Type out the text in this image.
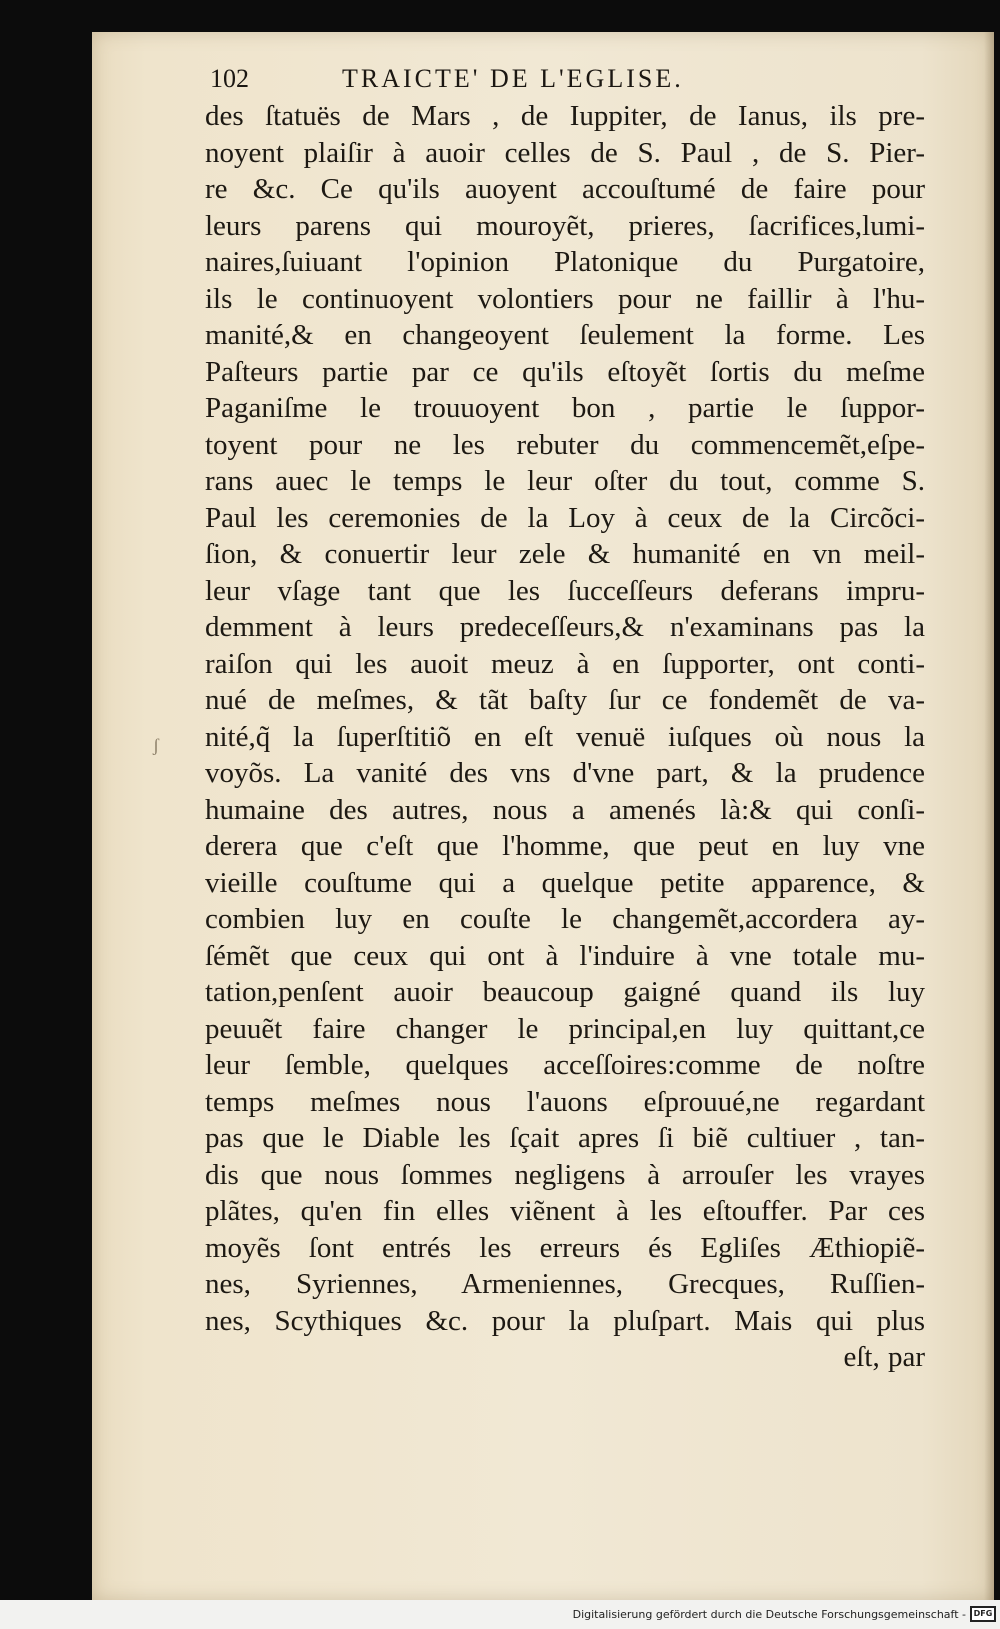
102	TRAICTE' DE L'EGLISE.
ʃ
des ſtatuës de Mars , de Iuppiter, de Ianus, ils pre-
noyent plaiſir à auoir celles de S. Paul , de S. Pier-
re &c. Ce qu'ils auoyent accouſtumé de faire pour
leurs parens qui mouroyẽt, prieres, ſacrifices,lumi-
naires,ſuiuant l'opinion Platonique du Purgatoire,
ils le continuoyent volontiers pour ne faillir à l'hu-
manité,& en changeoyent ſeulement la forme. Les
Paſteurs partie par ce qu'ils eſtoyẽt ſortis du meſme
Paganiſme le trouuoyent bon , partie le ſuppor-
toyent pour ne les rebuter du commencemẽt,eſpe-
rans auec le temps le leur oſter du tout, comme S.
Paul les ceremonies de la Loy à ceux de la Circõci-
ſion, & conuertir leur zele & humanité en vn meil-
leur vſage tant que les ſucceſſeurs deferans impru-
demment à leurs predeceſſeurs,& n'examinans pas la
raiſon qui les auoit meuz à en ſupporter, ont conti-
nué de meſmes, & tãt baſty ſur ce fondemẽt de va-
nité,q̃ la ſuperſtitiõ en eſt venuë iuſques où nous la
voyõs. La vanité des vns d'vne part, & la prudence
humaine des autres, nous a amenés là:& qui conſi-
derera que c'eſt que l'homme, que peut en luy vne
vieille couſtume qui a quelque petite apparence, &
combien luy en couſte le changemẽt,accordera ay-
ſémẽt que ceux qui ont à l'induire à vne totale mu-
tation,penſent auoir beaucoup gaigné quand ils luy
peuuẽt faire changer le principal,en luy quittant,ce
leur ſemble, quelques acceſſoires:comme de noſtre
temps meſmes nous l'auons eſprouué,ne regardant
pas que le Diable les ſçait apres ſi biẽ cultiuer , tan-
dis que nous ſommes negligens à arrouſer les vrayes
plãtes, qu'en fin elles viẽnent à les eſtouffer. Par ces
moyẽs ſont entrés les erreurs és Egliſes Æthiopiẽ-
nes, Syriennes, Armeniennes, Grecques, Ruſſien-
nes, Scythiques &c. pour la pluſpart. Mais qui plus
eſt, par
Digitalisierung gefördert durch die Deutsche Forschungsgemeinschaft - DFG
